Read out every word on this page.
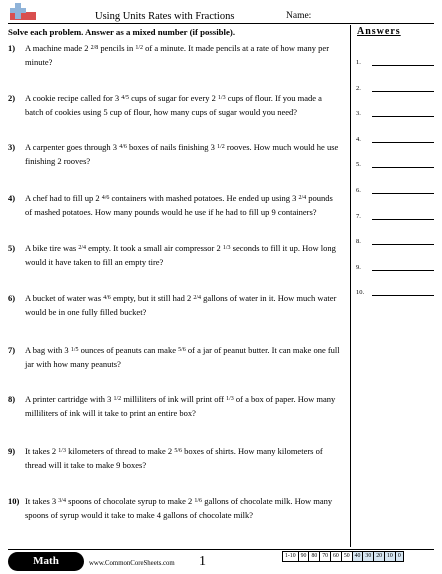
Using Units Rates with Fractions	Name:
Solve each problem. Answer as a mixed number (if possible).	Answers
1) A machine made 2 2/8 pencils in 1/2 of a minute. It made pencils at a rate of how many per minute?
2) A cookie recipe called for 3 4/5 cups of sugar for every 2 1/3 cups of flour. If you made a batch of cookies using 5 cup of flour, how many cups of sugar would you need?
3) A carpenter goes through 3 4/6 boxes of nails finishing 3 1/2 rooves. How much would he use finishing 2 rooves?
4) A chef had to fill up 2 4/6 containers with mashed potatoes. He ended up using 3 2/4 pounds of mashed potatoes. How many pounds would he use if he had to fill up 9 containers?
5) A bike tire was 2/4 empty. It took a small air compressor 2 1/3 seconds to fill it up. How long would it have taken to fill an empty tire?
6) A bucket of water was 4/6 empty, but it still had 2 2/4 gallons of water in it. How much water would be in one fully filled bucket?
7) A bag with 3 1/5 ounces of peanuts can make 5/6 of a jar of peanut butter. It can make one full jar with how many peanuts?
8) A printer cartridge with 3 1/2 milliliters of ink will print off 1/3 of a box of paper. How many milliliters of ink will it take to print an entire box?
9) It takes 2 1/3 kilometers of thread to make 2 5/6 boxes of shirts. How many kilometers of thread will it take to make 9 boxes?
10) It takes 3 3/4 spoons of chocolate syrup to make 2 1/6 gallons of chocolate milk. How many spoons of syrup would it take to make 4 gallons of chocolate milk?
1.
2.
3.
4.
5.
6.
7.
8.
9.
10.
Math	www.CommonCoreSheets.com 1	1-10 90 80 70 60 50 40 30 20 10 0
